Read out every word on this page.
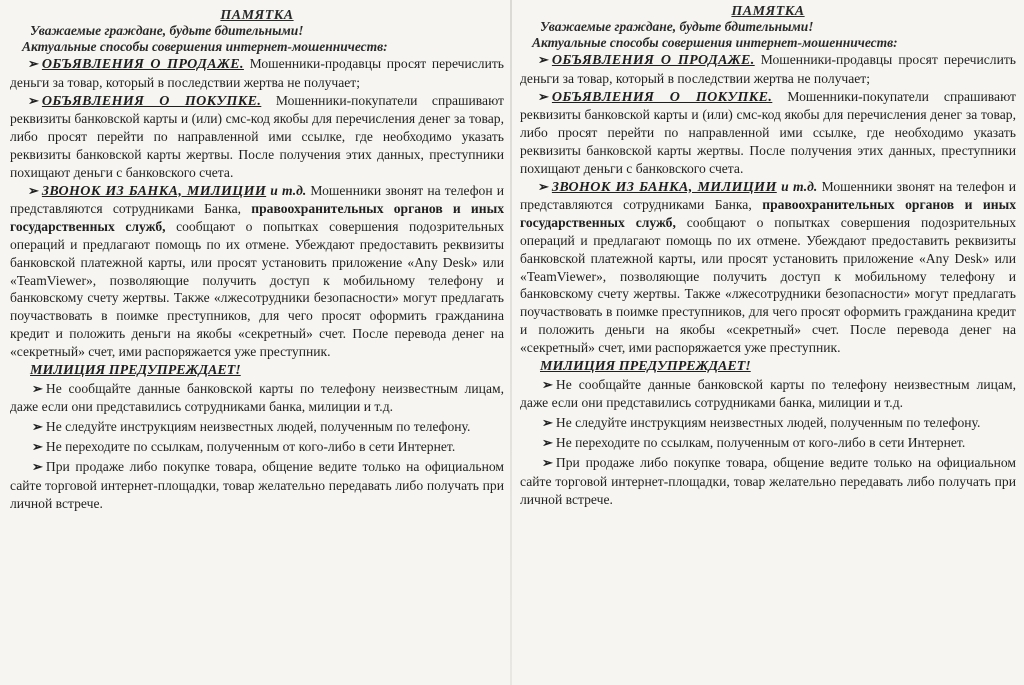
ПАМЯТКА
Уважаемые граждане, будьте бдительными!
Актуальные способы совершения интернет-мошенничеств:

➢ ОБЪЯВЛЕНИЯ О ПРОДАЖЕ. Мошенники-продавцы просят перечислить деньги за товар, который в последствии жертва не получает;

➢ ОБЪЯВЛЕНИЯ О ПОКУПКЕ. Мошенники-покупатели спрашивают реквизиты банковской карты и (или) смс-код якобы для перечисления денег за товар, либо просят перейти по направленной ими ссылке, где необходимо указать реквизиты банковской карты жертвы. После получения этих данных, преступники похищают деньги с банковского счета.

➢ ЗВОНОК ИЗ БАНКА, МИЛИЦИИ и т.д. Мошенники звонят на телефон и представляются сотрудниками Банка, правоохранительных органов и иных государственных служб, сообщают о попытках совершения подозрительных операций и предлагают помощь по их отмене. Убеждают предоставить реквизиты банковской платежной карты, или просят установить приложение «Any Desk» или «TeamViewer», позволяющие получить доступ к мобильному телефону и банковскому счету жертвы. Также «лжесотрудники безопасности» могут предлагать поучаствовать в поимке преступников, для чего просят оформить гражданина кредит и положить деньги на якобы «секретный» счет. После перевода денег на «секретный» счет, ими распоряжается уже преступник.

МИЛИЦИЯ ПРЕДУПРЕЖДАЕТ!

➢ Не сообщайте данные банковской карты по телефону неизвестным лицам, даже если они представились сотрудниками банка, милиции и т.д.

➢ Не следуйте инструкциям неизвестных людей, полученным по телефону.

➢ Не переходите по ссылкам, полученным от кого-либо в сети Интернет.

➢ При продаже либо покупке товара, общение ведите только на официальном сайте торговой интернет-площадки, товар желательно передавать либо получать при личной встрече.

ПАМЯТКА
Уважаемые граждане, будьте бдительными!
Актуальные способы совершения интернет-мошенничеств:

➢ ОБЪЯВЛЕНИЯ О ПРОДАЖЕ. Мошенники-продавцы просят перечислить деньги за товар, который в последствии жертва не получает;

➢ ОБЪЯВЛЕНИЯ О ПОКУПКЕ. Мошенники-покупатели спрашивают реквизиты банковской карты и (или) смс-код якобы для перечисления денег за товар, либо просят перейти по направленной ими ссылке, где необходимо указать реквизиты банковской карты жертвы. После получения этих данных, преступники похищают деньги с банковского счета.

➢ ЗВОНОК ИЗ БАНКА, МИЛИЦИИ и т.д. Мошенники звонят на телефон и представляются сотрудниками Банка, правоохранительных органов и иных государственных служб, сообщают о попытках совершения подозрительных операций и предлагают помощь по их отмене. Убеждают предоставить реквизиты банковской платежной карты, или просят установить приложение «Any Desk» или «TeamViewer», позволяющие получить доступ к мобильному телефону и банковскому счету жертвы. Также «лжесотрудники безопасности» могут предлагать поучаствовать в поимке преступников, для чего просят оформить гражданина кредит и положить деньги на якобы «секретный» счет. После перевода денег на «секретный» счет, ими распоряжается уже преступник.

МИЛИЦИЯ ПРЕДУПРЕЖДАЕТ!

➢ Не сообщайте данные банковской карты по телефону неизвестным лицам, даже если они представились сотрудниками банка, милиции и т.д.

➢ Не следуйте инструкциям неизвестных людей, полученным по телефону.

➢ Не переходите по ссылкам, полученным от кого-либо в сети Интернет.

➢ При продаже либо покупке товара, общение ведите только на официальном сайте торговой интернет-площадки, товар желательно передавать либо получать при личной встрече.
